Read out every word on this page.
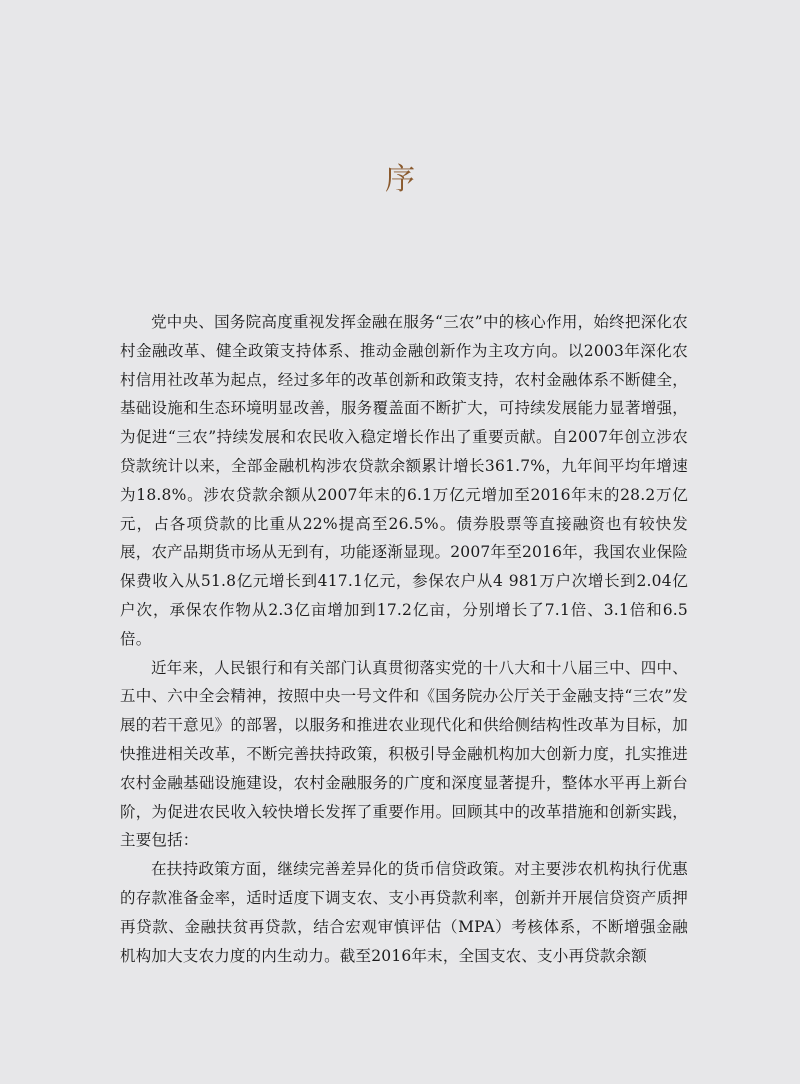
序

党中央、国务院高度重视发挥金融在服务“三农”中的核心作用，始终把深化农村金融改革、健全政策支持体系、推动金融创新作为主攻方向。以2003年深化农村信用社改革为起点，经过多年的改革创新和政策支持，农村金融体系不断健全，基础设施和生态环境明显改善，服务覆盖面不断扩大，可持续发展能力显著增强，为促进“三农”持续发展和农民收入稳定增长作出了重要贡献。自2007年创立涉农贷款统计以来，全部金融机构涉农贷款余额累计增长361.7%，九年间平均年增速为18.8%。涉农贷款余额从2007年末的6.1万亿元增加至2016年末的28.2万亿元，占各项贷款的比重从22%提高至26.5%。债券股票等直接融资也有较快发展，农产品期货市场从无到有，功能逐渐显现。2007年至2016年，我国农业保险保费收入从51.8亿元增长到417.1亿元，参保农户从4 981万户次增长到2.04亿户次，承保农作物从2.3亿亩增加到17.2亿亩，分别增长了7.1倍、3.1倍和6.5倍。

近年来，人民银行和有关部门认真贯彻落实党的十八大和十八届三中、四中、五中、六中全会精神，按照中央一号文件和《国务院办公厅关于金融支持“三农”发展的若干意见》的部署，以服务和推进农业现代化和供给侧结构性改革为目标，加快推进相关改革，不断完善扶持政策，积极引导金融机构加大创新力度，扎实推进农村金融基础设施建设，农村金融服务的广度和深度显著提升，整体水平再上新台阶，为促进农民收入较快增长发挥了重要作用。回顾其中的改革措施和创新实践，主要包括：

在扶持政策方面，继续完善差异化的货币信贷政策。对主要涉农机构执行优惠的存款准备金率，适时适度下调支农、支小再贷款利率，创新并开展信贷资产质押再贷款、金融扶贫再贷款，结合宏观审慎评估（MPA）考核体系，不断增强金融机构加大支农力度的内生动力。截至2016年末，全国支农、支小再贷款余额
